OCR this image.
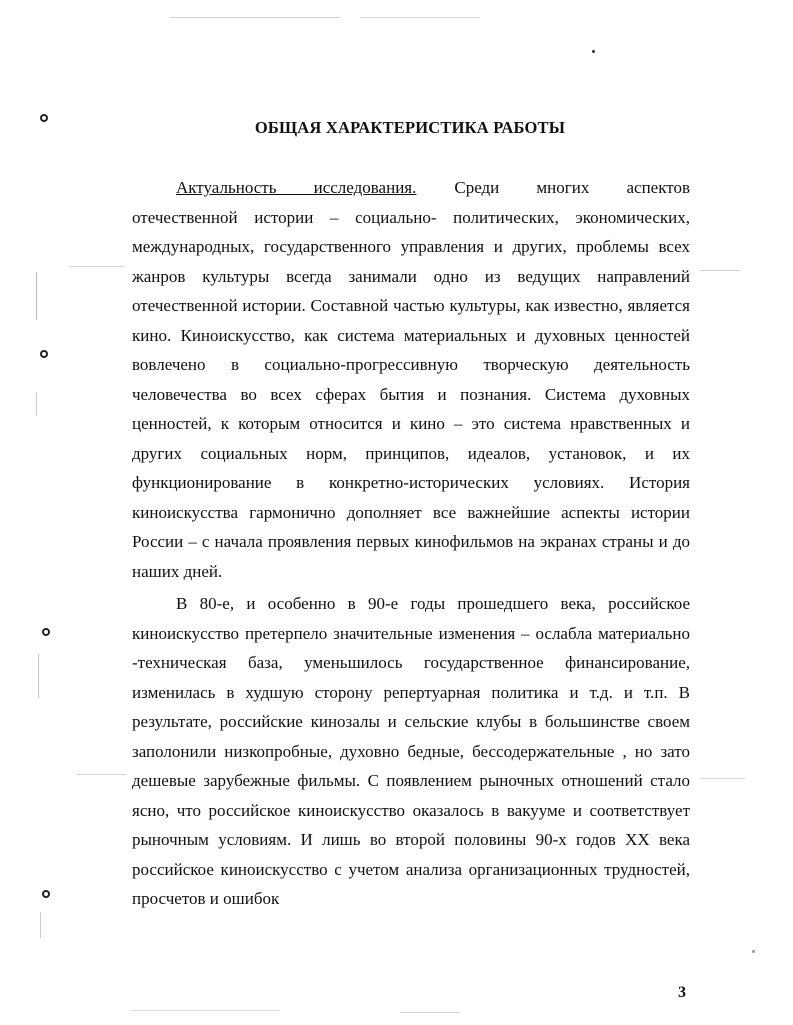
ОБЩАЯ ХАРАКТЕРИСТИКА РАБОТЫ

Актуальность исследования. Среди многих аспектов отечественной истории – социально- политических, экономических, международных, государственного управления и других, проблемы всех жанров культуры всегда занимали одно из ведущих направлений отечественной истории. Составной частью культуры, как известно, является кино. Киноискусство, как система материальных и духовных ценностей вовлечено в социально-прогрессивную творческую деятельность человечества во всех сферах бытия и познания. Система духовных ценностей, к которым относится и кино – это система нравственных и других социальных норм, принципов, идеалов, установок, и их функционирование в конкретно-исторических условиях. История киноискусства гармонично дополняет все важнейшие аспекты истории России – с начала проявления первых кинофильмов на экранах страны и до наших дней.

В 80-е, и особенно в 90-е годы прошедшего века, российское киноискусство претерпело значительные изменения – ослабла материально -техническая база, уменьшилось государственное финансирование, изменилась в худшую сторону репертуарная политика и т.д. и т.п. В результате, российские кинозалы и сельские клубы в большинстве своем заполонили низкопробные, духовно бедные, бессодержательные , но зато дешевые зарубежные фильмы. С появлением рыночных отношений стало ясно, что российское киноискусство оказалось в вакууме и соответствует рыночным условиям. И лишь во второй половины 90-х годов XX века российское киноискусство с учетом анализа организационных трудностей, просчетов и ошибок

3
